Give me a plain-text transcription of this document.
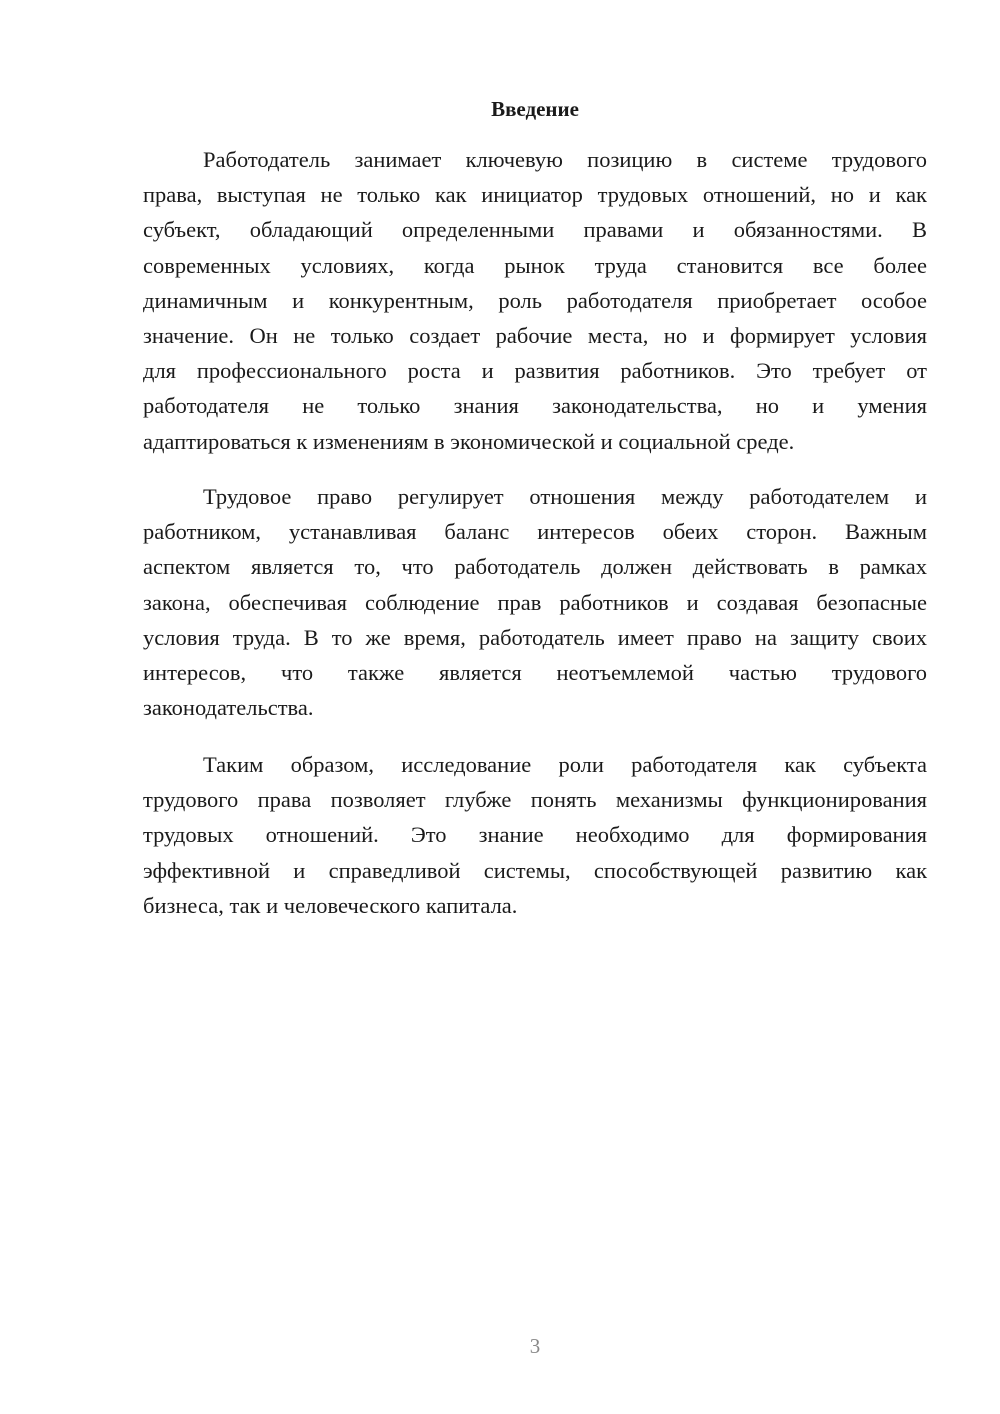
Введение
Работодатель занимает ключевую позицию в системе трудового
права, выступая не только как инициатор трудовых отношений, но и как
субъект, обладающий определенными правами и обязанностями. В
современных условиях, когда рынок труда становится все более
динамичным и конкурентным, роль работодателя приобретает особое
значение. Он не только создает рабочие места, но и формирует условия
для профессионального роста и развития работников. Это требует от
работодателя не только знания законодательства, но и умения
адаптироваться к изменениям в экономической и социальной среде.
Трудовое право регулирует отношения между работодателем и
работником, устанавливая баланс интересов обеих сторон. Важным
аспектом является то, что работодатель должен действовать в рамках
закона, обеспечивая соблюдение прав работников и создавая безопасные
условия труда. В то же время, работодатель имеет право на защиту своих
интересов, что также является неотъемлемой частью трудового
законодательства.
Таким образом, исследование роли работодателя как субъекта
трудового права позволяет глубже понять механизмы функционирования
трудовых отношений. Это знание необходимо для формирования
эффективной и справедливой системы, способствующей развитию как
бизнеса, так и человеческого капитала.
3
